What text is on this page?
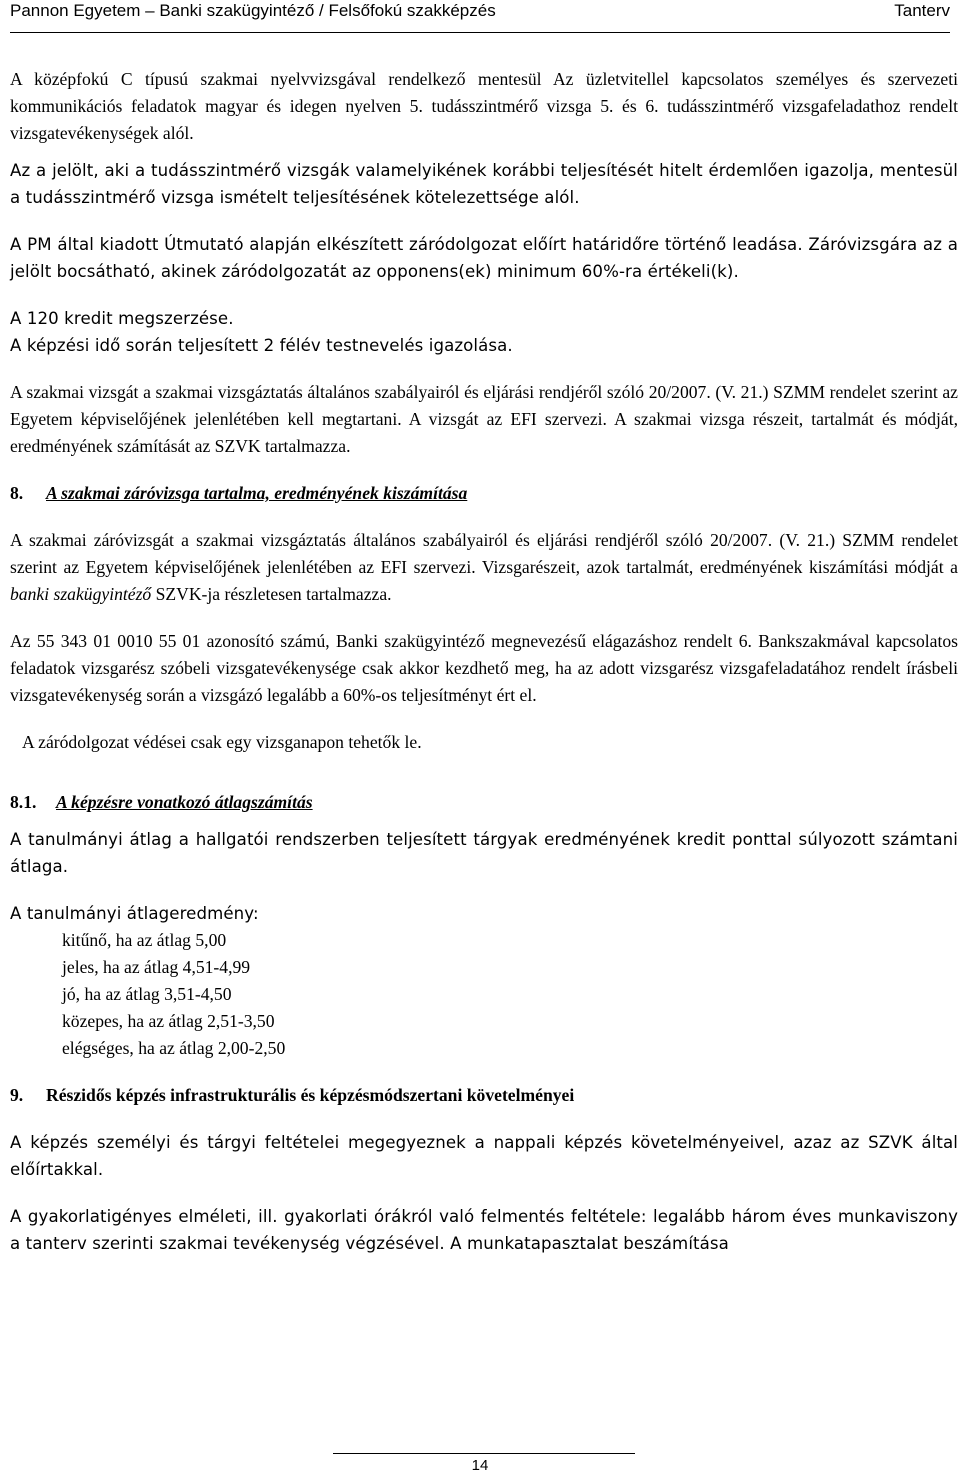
Pannon Egyetem – Banki szakügyintéző / Felsőfokú szakképzés	Tanterv

A középfokú C típusú szakmai nyelvvizsgával rendelkező mentesül Az üzletvitellel kapcsolatos személyes és szervezeti kommunikációs feladatok magyar és idegen nyelven 5. tudásszintmérő vizsga 5. és 6. tudásszintmérő vizsgafeladathoz rendelt vizsgatevékenységek alól.

Az a jelölt, aki a tudásszintmérő vizsgák valamelyikének korábbi teljesítését hitelt érdemlően igazolja, mentesül a tudásszintmérő vizsga ismételt teljesítésének kötelezettsége alól.

A PM által kiadott Útmutató alapján elkészített záródolgozat előírt határidőre történő leadása. Záróvizsgára az a jelölt bocsátható, akinek záródolgozatát az opponens(ek) minimum 60%-ra értékeli(k).

A 120 kredit megszerzése.

A képzési idő során teljesített 2 félév testnevelés igazolása.

A szakmai vizsgát a szakmai vizsgáztatás általános szabályairól és eljárási rendjéről szóló 20/2007. (V. 21.) SZMM rendelet szerint az Egyetem képviselőjének jelenlétében kell megtartani. A vizsgát az EFI szervezi. A szakmai vizsga részeit, tartalmát és módját, eredményének számítását az SZVK tartalmazza.

8. A szakmai záróvizsga tartalma, eredményének kiszámítása

A szakmai záróvizsgát a szakmai vizsgáztatás általános szabályairól és eljárási rendjéről szóló 20/2007. (V. 21.) SZMM rendelet szerint az Egyetem képviselőjének jelenlétében az EFI szervezi. Vizsgarészeit, azok tartalmát, eredményének kiszámítási módját a banki szakügyintéző SZVK-ja részletesen tartalmazza.

Az 55 343 01 0010 55 01 azonosító számú, Banki szakügyintéző megnevezésű elágazáshoz rendelt 6. Bankszakmával kapcsolatos feladatok vizsgarész szóbeli vizsgatevékenysége csak akkor kezdhető meg, ha az adott vizsgarész vizsgafeladatához rendelt írásbeli vizsgatevékenység során a vizsgázó legalább a 60%-os teljesítményt ért el.

A záródolgozat védései csak egy vizsganapon tehetők le.

8.1. A képzésre vonatkozó átlagszámítás

A tanulmányi átlag a hallgatói rendszerben teljesített tárgyak eredményének kredit ponttal súlyozott számtani átlaga.

A tanulmányi átlageredmény:

kitűnő, ha az átlag 5,00
jeles, ha az átlag 4,51-4,99
jó, ha az átlag 3,51-4,50
közepes, ha az átlag 2,51-3,50
elégséges, ha az átlag 2,00-2,50

9. Részidős képzés infrastrukturális és képzésmódszertani követelményei

A képzés személyi és tárgyi feltételei megegyeznek a nappali képzés követelményeivel, azaz az SZVK által előírtakkal.

A gyakorlatigényes elméleti, ill. gyakorlati órákról való felmentés feltétele: legalább három éves munkaviszony a tanterv szerinti szakmai tevékenység végzésével. A munkatapasztalat beszámítása

14
